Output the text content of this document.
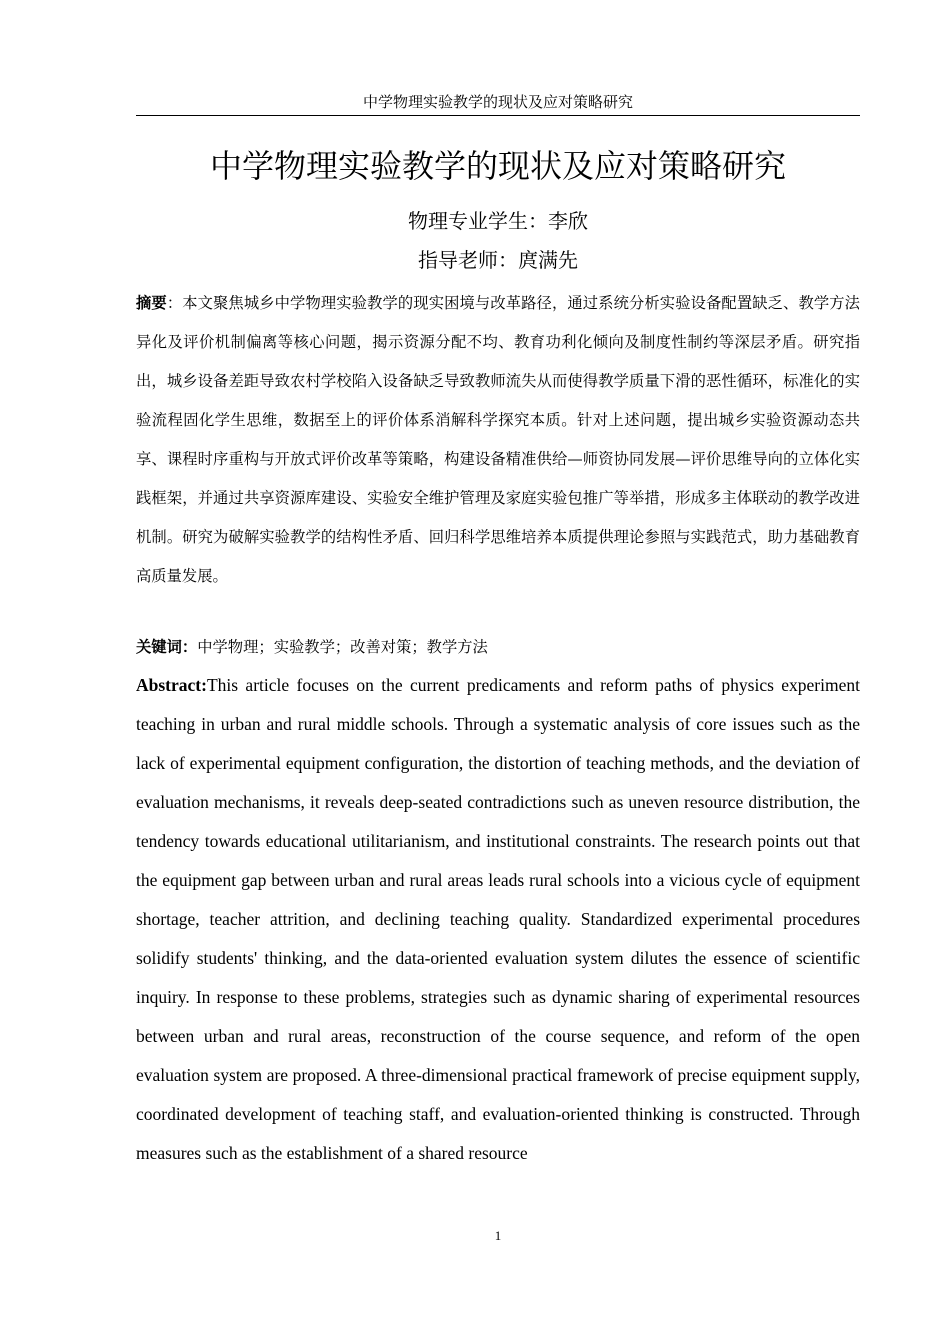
中学物理实验教学的现状及应对策略研究
中学物理实验教学的现状及应对策略研究
物理专业学生：李欣
指导老师：庹满先

摘要：本文聚焦城乡中学物理实验教学的现实困境与改革路径，通过系统分析实验设备配置缺乏、教学方法异化及评价机制偏离等核心问题，揭示资源分配不均、教育功利化倾向及制度性制约等深层矛盾。研究指出，城乡设备差距导致农村学校陷入设备缺乏导致教师流失从而使得教学质量下滑的恶性循环，标准化的实验流程固化学生思维，数据至上的评价体系消解科学探究本质。针对上述问题，提出城乡实验资源动态共享、课程时序重构与开放式评价改革等策略，构建设备精准供给—师资协同发展—评价思维导向的立体化实践框架，并通过共享资源库建设、实验安全维护管理及家庭实验包推广等举措，形成多主体联动的教学改进机制。研究为破解实验教学的结构性矛盾、回归科学思维培养本质提供理论参照与实践范式，助力基础教育高质量发展。

关键词：中学物理；实验教学；改善对策；教学方法

Abstract:This article focuses on the current predicaments and reform paths of physics experiment teaching in urban and rural middle schools. Through a systematic analysis of core issues such as the lack of experimental equipment configuration, the distortion of teaching methods, and the deviation of evaluation mechanisms, it reveals deep-seated contradictions such as uneven resource distribution, the tendency towards educational utilitarianism, and institutional constraints. The research points out that the equipment gap between urban and rural areas leads rural schools into a vicious cycle of equipment shortage, teacher attrition, and declining teaching quality. Standardized experimental procedures solidify students' thinking, and the data-oriented evaluation system dilutes the essence of scientific inquiry. In response to these problems, strategies such as dynamic sharing of experimental resources between urban and rural areas, reconstruction of the course sequence, and reform of the open evaluation system are proposed. A three-dimensional practical framework of precise equipment supply, coordinated development of teaching staff, and evaluation-oriented thinking is constructed. Through measures such as the establishment of a shared resource

1
